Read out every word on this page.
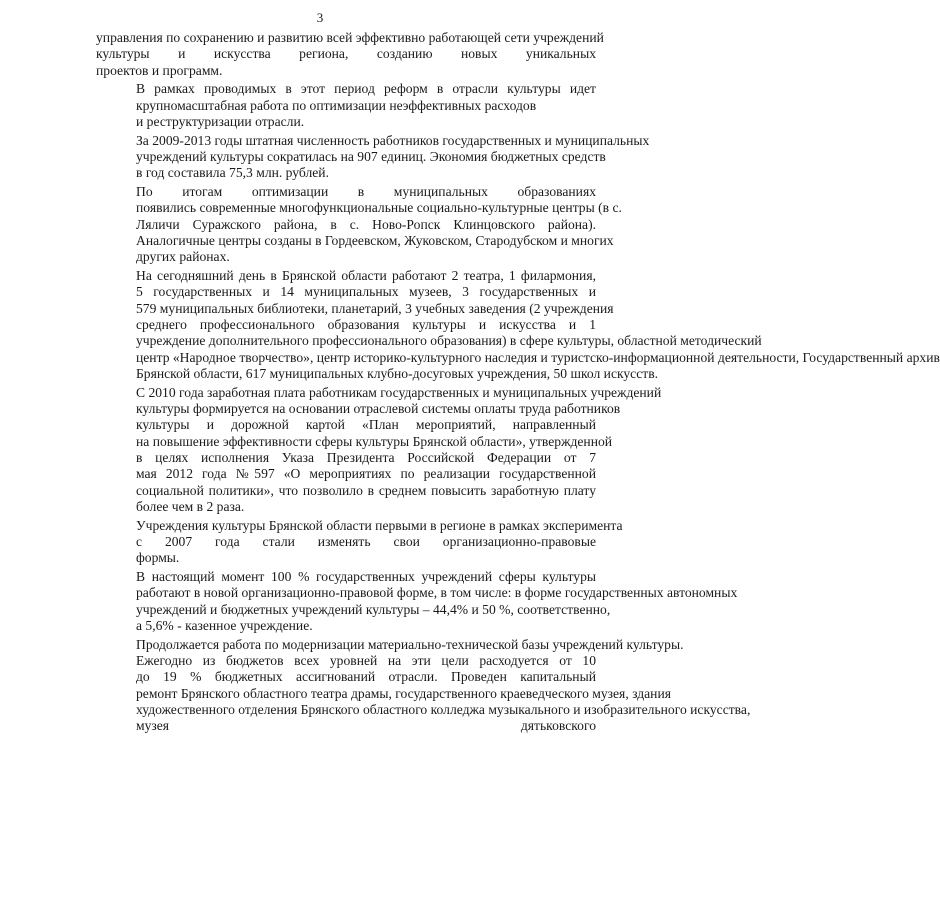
3

управления по сохранению и развитию всей эффективно работающей сети учреждений
культуры и искусства региона, созданию новых уникальных
проектов и программ.

В рамках проводимых в этот период реформ в отрасли культуры идет
крупномасштабная работа по оптимизации неэффективных расходов
и реструктуризации отрасли.

За 2009-2013 годы штатная численность работников государственных и муниципальных
учреждений культуры сократилась на 907 единиц. Экономия бюджетных средств
в год составила 75,3 млн. рублей.

По итогам оптимизации в муниципальных образованиях
появились современные многофункциональные социально-культурные центры (в с.
Ляличи Суражского района, в с. Ново-Ропск Клинцовского района).
Аналогичные центры созданы в Гордеевском, Жуковском, Стародубском и многих
других районах.

На сегодняшний день в Брянской области работают 2 театра, 1 филармония,
5 государственных и 14 муниципальных музеев, 3 государственных и
579 муниципальных библиотеки, планетарий, 3 учебных заведения (2 учреждения
среднего профессионального образования культуры и искусства и 1
учреждение дополнительного профессионального образования) в сфере культуры, областной методический
центр «Народное творчество», центр историко-культурного наследия и туристско-информационной деятельности, Государственный архив
Брянской области, 617 муниципальных клубно-досуговых учреждения, 50 школ искусств.

С 2010 года заработная плата работникам государственных и муниципальных учреждений
культуры формируется на основании отраслевой системы оплаты труда работников
культуры и дорожной картой «План мероприятий, направленный
на повышение эффективности сферы культуры Брянской области», утвержденной
в целях исполнения Указа Президента Российской Федерации от 7
мая 2012 года №597 «О мероприятиях по реализации государственной
социальной политики», что позволило в среднем повысить заработную плату
более чем в 2 раза.

Учреждения культуры Брянской области первыми в регионе в рамках эксперимента
с 2007 года стали изменять свои организационно-правовые
формы.

В настоящий момент 100 % государственных учреждений сферы культуры
работают в новой организационно-правовой форме, в том числе: в форме государственных автономных
учреждений и бюджетных учреждений культуры – 44,4% и 50 %, соответственно,
а 5,6% - казенное учреждение.

Продолжается работа по модернизации материально-технической базы учреждений культуры.
Ежегодно из бюджетов всех уровней на эти цели расходуется от 10
до 19 % бюджетных ассигнований отрасли. Проведен капитальный
ремонт Брянского областного театра драмы, государственного краеведческого музея, здания
художественного отделения Брянского областного колледжа музыкального и изобразительного искусства,
музея дятьковского
